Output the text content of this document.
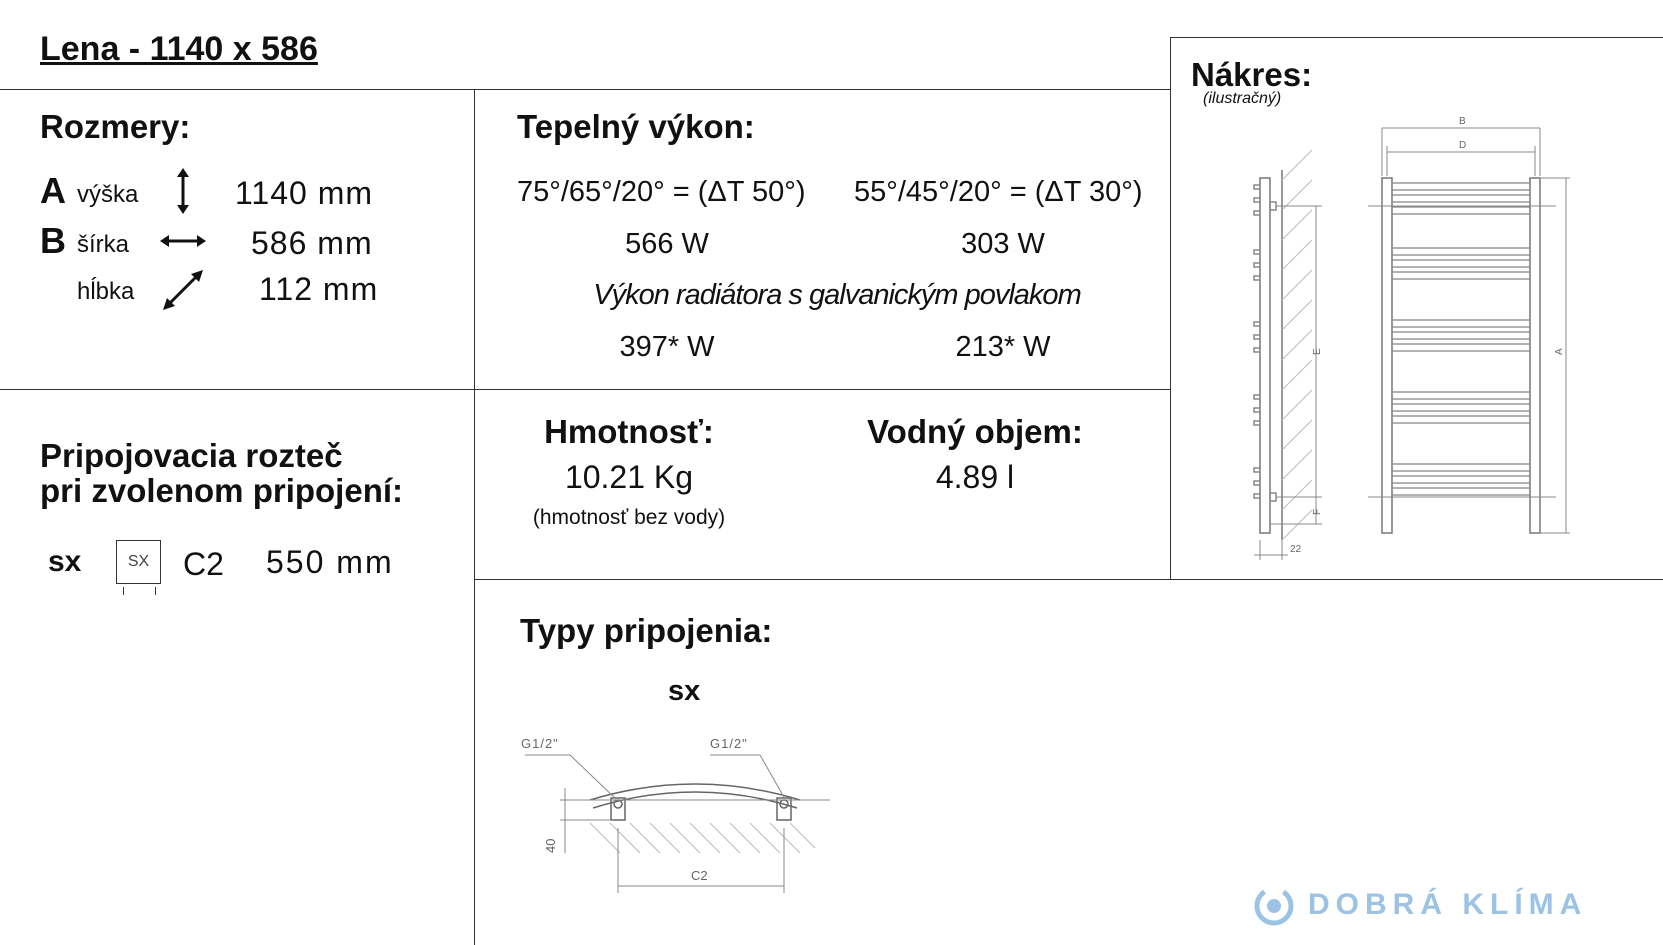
Lena - 1140 x 586
Rozmery:
A výška	1140 mm
B šírka	586 mm
hĺbka	112 mm
Tepelný výkon:
75°/65°/20° = (ΔT 50°) 55°/45°/20° = (ΔT 30°)
566 W	303 W
Výkon radiátora s galvanickým povlakom
397* W	213* W
Pripojovacia rozteč
pri zvolenom pripojení:
sx	SX	C2 550 mm
Hmotnosť:
10.21 Kg
(hmotnosť bez vody)
Vodný objem:
4.89 l
Nákres:
(ilustračný)
E
F
22
B
D
A
Typy pripojenia:
sx
G1/2"	G1/2"
40
C2
DOBRÁ KLÍMA
